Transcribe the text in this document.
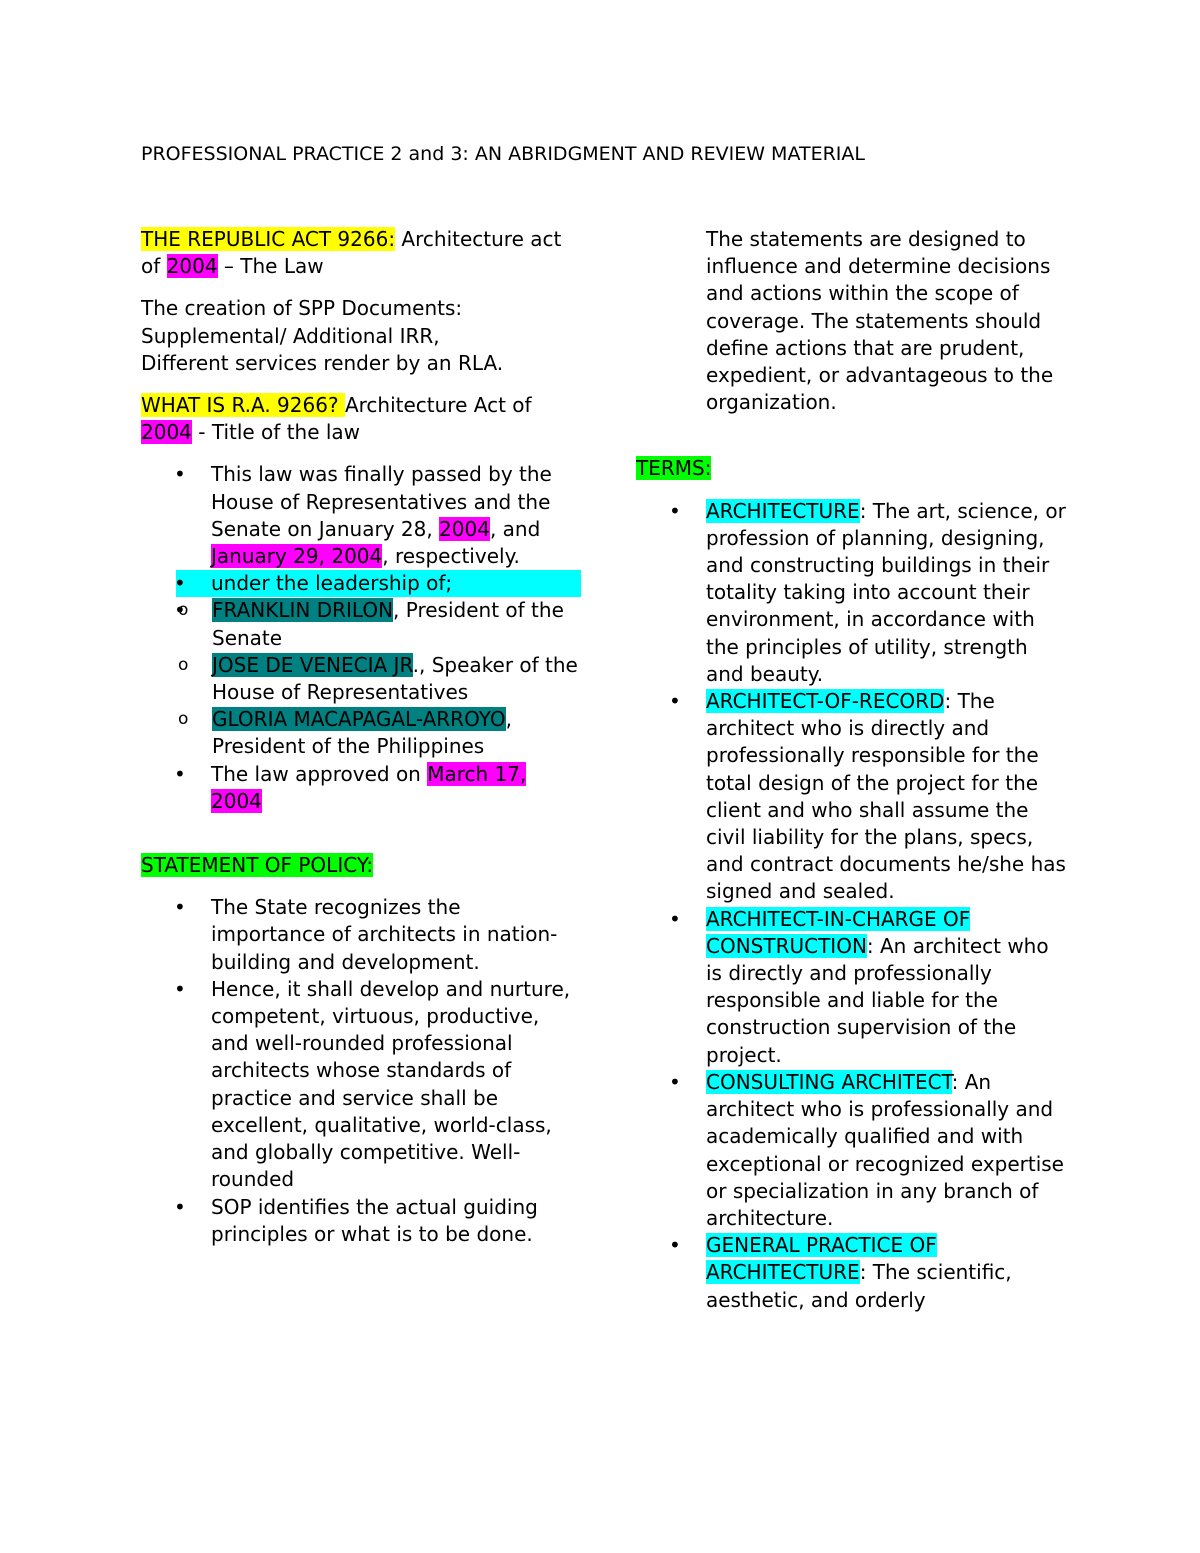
PROFESSIONAL PRACTICE 2 and 3: AN ABRIDGMENT AND REVIEW MATERIAL

THE REPUBLIC ACT 9266: Architecture act of 2004 – The Law

The creation of SPP Documents:
Supplemental/ Additional IRR,
Different services render by an RLA.

WHAT IS R.A. 9266? Architecture Act of 2004 - Title of the law

• This law was finally passed by the House of Representatives and the Senate on January 28, 2004, and January 29, 2004, respectively.
• under the leadership of;
o • FRANKLIN DRILON, President of the Senate
o JOSE DE VENECIA JR., Speaker of the House of Representatives
o GLORIA MACAPAGAL-ARROYO, President of the Philippines
• The law approved on March 17, 2004

STATEMENT OF POLICY:

• The State recognizes the importance of architects in nation-building and development.
• Hence, it shall develop and nurture, competent, virtuous, productive, and well-rounded professional architects whose standards of practice and service shall be excellent, qualitative, world-class, and globally competitive. Well-rounded
• SOP identifies the actual guiding principles or what is to be done.

The statements are designed to influence and determine decisions and actions within the scope of coverage. The statements should define actions that are prudent, expedient, or advantageous to the organization.

TERMS:

• ARCHITECTURE: The art, science, or profession of planning, designing, and constructing buildings in their totality taking into account their environment, in accordance with the principles of utility, strength and beauty.
• ARCHITECT-OF-RECORD: The architect who is directly and professionally responsible for the total design of the project for the client and who shall assume the civil liability for the plans, specs, and contract documents he/she has signed and sealed.
• ARCHITECT-IN-CHARGE OF CONSTRUCTION: An architect who is directly and professionally responsible and liable for the construction supervision of the project.
• CONSULTING ARCHITECT: An architect who is professionally and academically qualified and with exceptional or recognized expertise or specialization in any branch of architecture.
• GENERAL PRACTICE OF ARCHITECTURE: The scientific, aesthetic, and orderly
